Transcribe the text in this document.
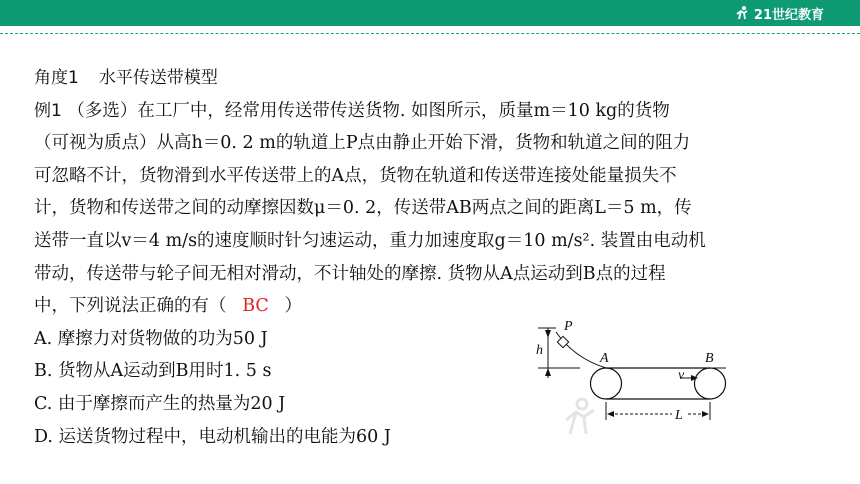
21世纪教育
角度1 水平传送带模型
例1 （多选）在工厂中，经常用传送带传送货物. 如图所示，质量m＝10 kg的货物
（可视为质点）从高h＝0. 2 m的轨道上P点由静止开始下滑，货物和轨道之间的阻力
可忽略不计，货物滑到水平传送带上的A点，货物在轨道和传送带连接处能量损失不
计，货物和传送带之间的动摩擦因数μ＝0. 2，传送带AB两点之间的距离L＝5 m，传
送带一直以v＝4 m/s的速度顺时针匀速运动，重力加速度取g＝10 m/s². 装置由电动机
带动，传送带与轮子间无相对滑动，不计轴处的摩擦. 货物从A点运动到B点的过程
中，下列说法正确的有（ BC ）
A. 摩擦力对货物做的功为50 J
B. 货物从A运动到B用时1. 5 s
C. 由于摩擦而产生的热量为20 J
D. 运送货物过程中，电动机输出的电能为60 J
P
h
A	B
v
L
